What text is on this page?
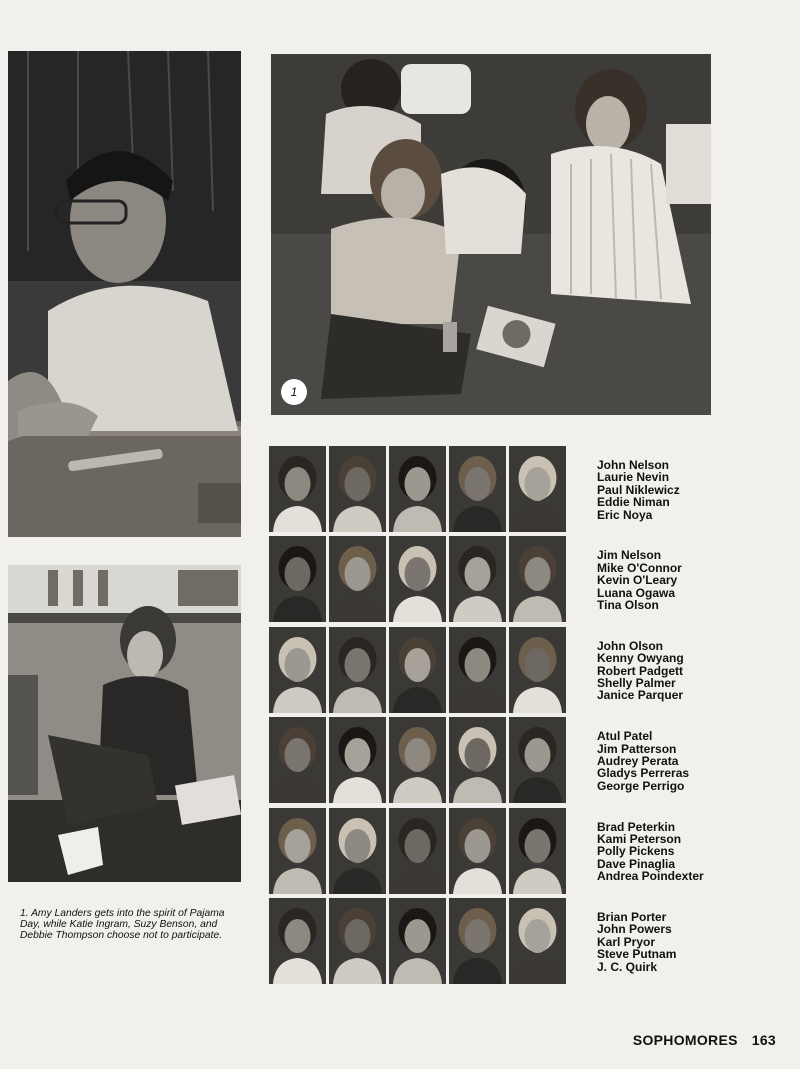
1
1. Amy Landers gets into the spirit of Pajama Day, while Katie Ingram, Suzy Benson, and Debbie Thompson choose not to participate.
John Nelson
Laurie Nevin
Paul Niklewicz
Eddie Niman
Eric Noya
Jim Nelson
Mike O'Connor
Kevin O'Leary
Luana Ogawa
Tina Olson
John Olson
Kenny Owyang
Robert Padgett
Shelly Palmer
Janice Parquer
Atul Patel
Jim Patterson
Audrey Perata
Gladys Perreras
George Perrigo
Brad Peterkin
Kami Peterson
Polly Pickens
Dave Pinaglia
Andrea Poindexter
Brian Porter
John Powers
Karl Pryor
Steve Putnam
J. C. Quirk
SOPHOMORES 163
